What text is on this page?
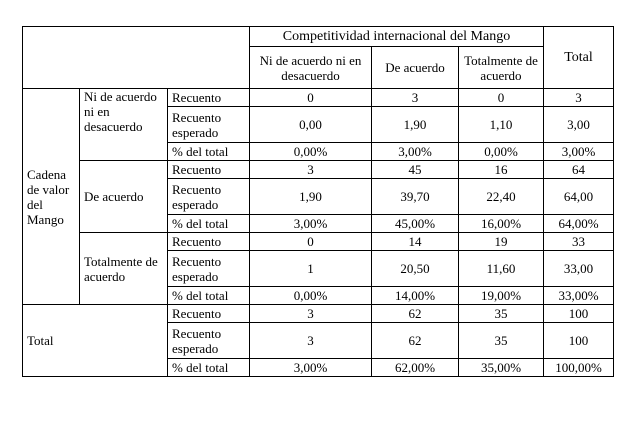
			Competitividad internacional del Mango			Total
			Ni de acuerdo ni en desacuerdo	De acuerdo	Totalmente de acuerdo	
Cadena de valor del Mango	Ni de acuerdo ni en desacuerdo	Recuento	0	3	0	3
		Recuento esperado	0,00	1,90	1,10	3,00
		% del total	0,00%	3,00%	0,00%	3,00%
	De acuerdo	Recuento	3	45	16	64
		Recuento esperado	1,90	39,70	22,40	64,00
		% del total	3,00%	45,00%	16,00%	64,00%
	Totalmente de acuerdo	Recuento	0	14	19	33
		Recuento esperado	1	20,50	11,60	33,00
		% del total	0,00%	14,00%	19,00%	33,00%
Total		Recuento	3	62	35	100
		Recuento esperado	3	62	35	100
		% del total	3,00%	62,00%	35,00%	100,00%
